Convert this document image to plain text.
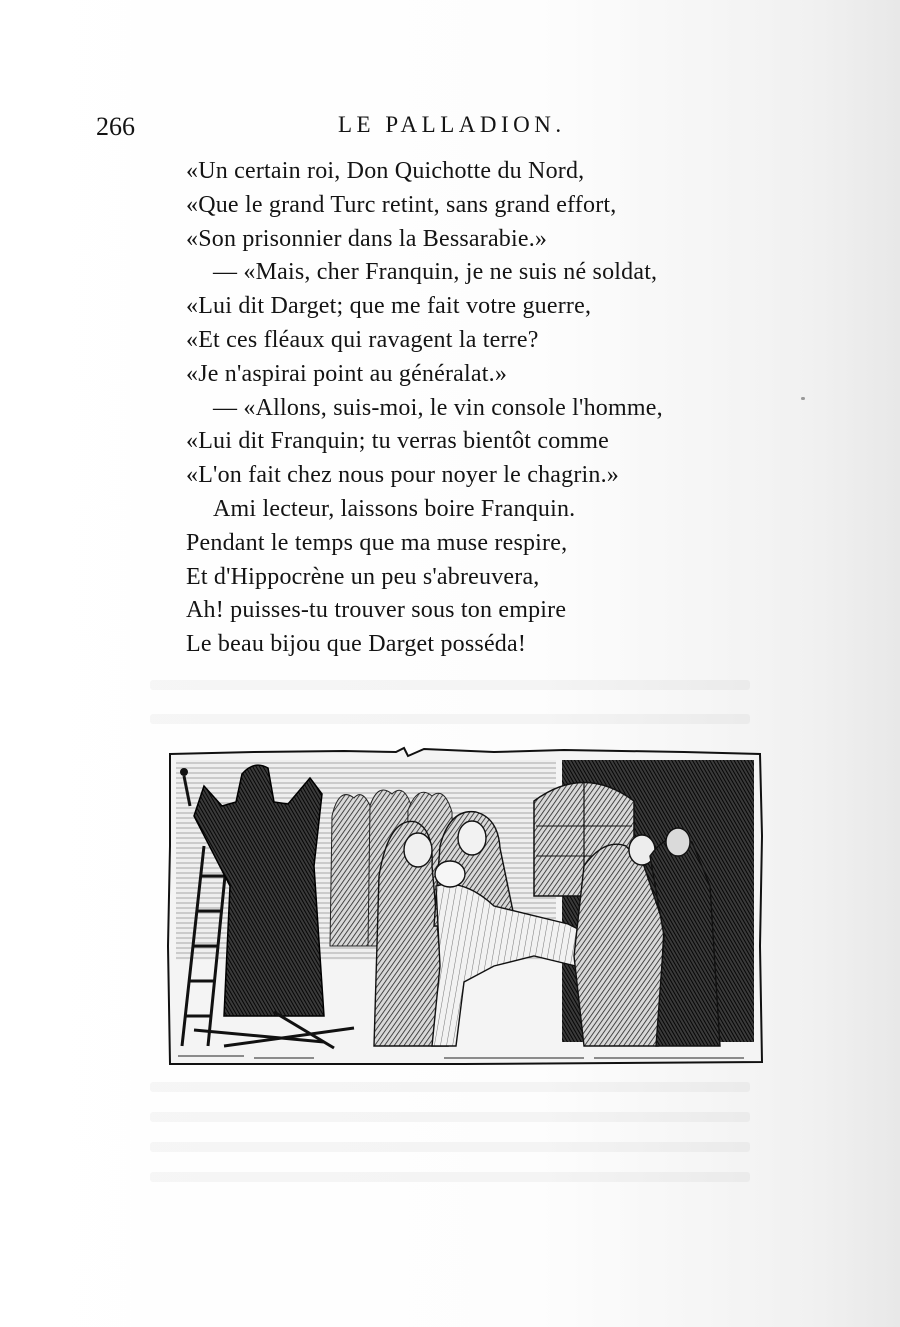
266	LE PALLADION.
«Un certain roi, Don Quichotte du Nord,
«Que le grand Turc retint, sans grand effort,
«Son prisonnier dans la Bessarabie.»
— «Mais, cher Franquin, je ne suis né soldat,
«Lui dit Darget; que me fait votre guerre,
«Et ces fléaux qui ravagent la terre?
«Je n'aspirai point au généralat.»
— «Allons, suis-moi, le vin console l'homme,
«Lui dit Franquin; tu verras bientôt comme
«L'on fait chez nous pour noyer le chagrin.»
Ami lecteur, laissons boire Franquin.
Pendant le temps que ma muse respire,
Et d'Hippocrène un peu s'abreuvera,
Ah! puisses-tu trouver sous ton empire
Le beau bijou que Darget posséda!
